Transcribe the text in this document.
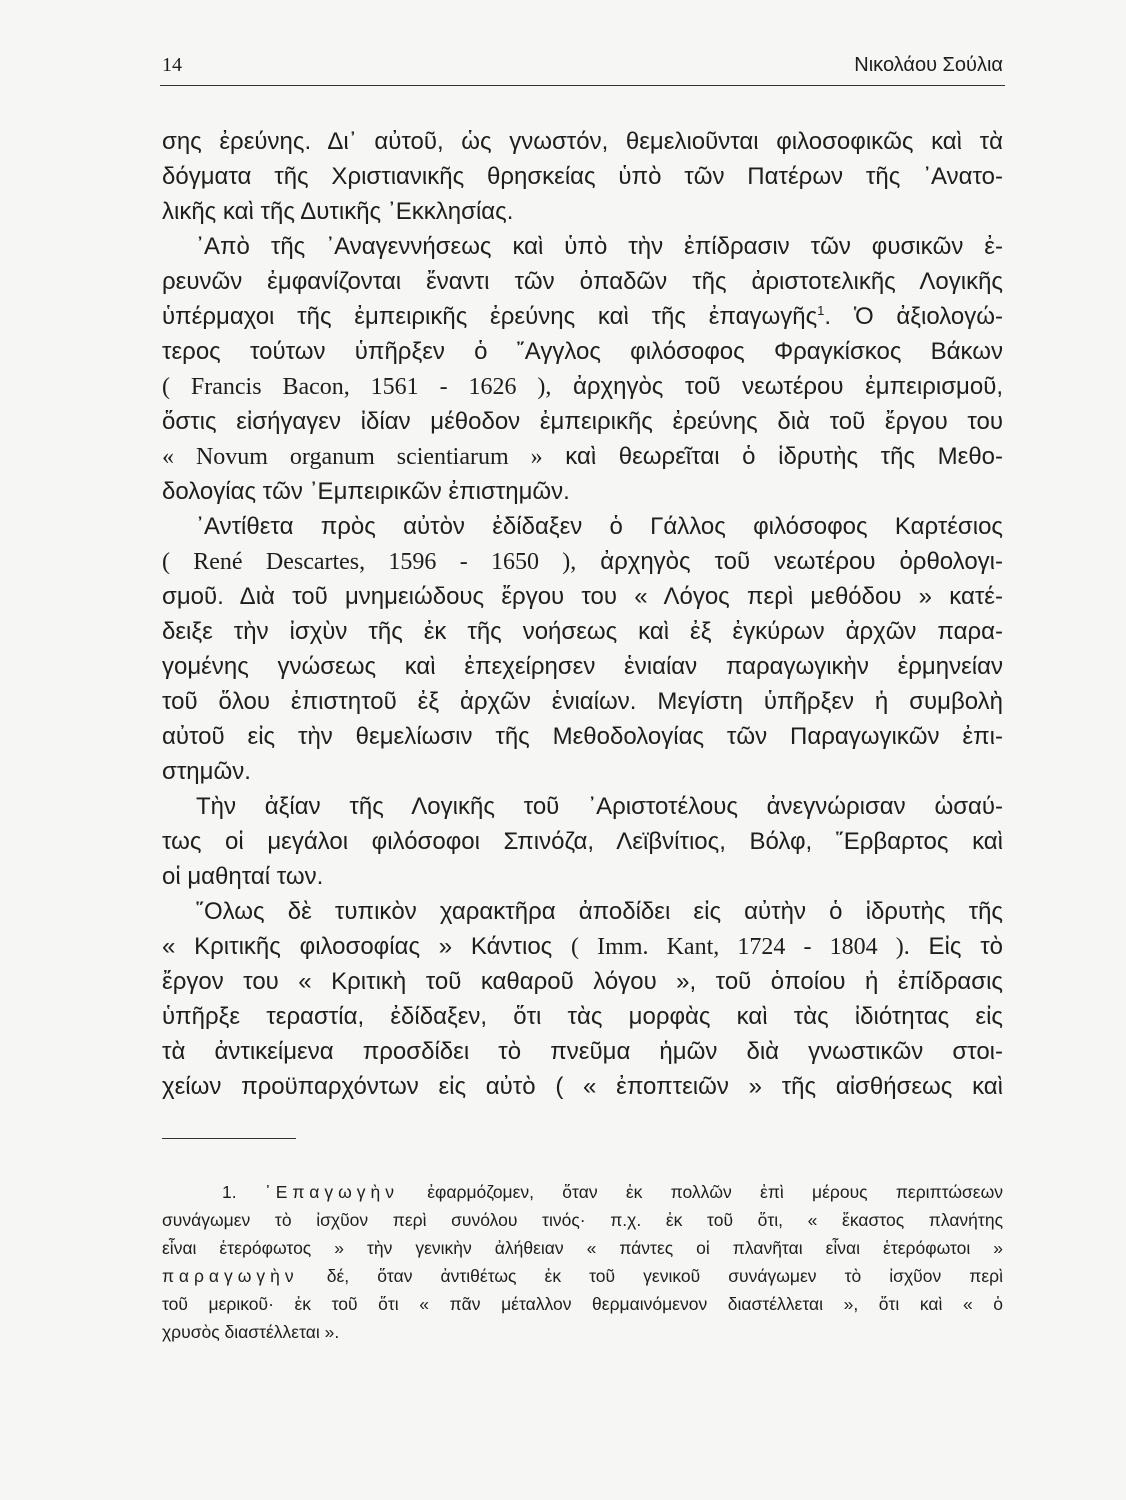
14	Νικολάου Σούλια
σης ἐρεύνης. Δι᾽ αὐτοῦ, ὡς γνωστόν, θεμελιοῦνται φιλοσοφικῶς καὶ τὰ
δόγματα τῆς Χριστιανικῆς θρησκείας ὑπὸ τῶν Πατέρων τῆς ᾽Ανατο-
λικῆς καὶ τῆς Δυτικῆς ᾽Εκκλησίας.
᾽Απὸ τῆς ᾽Αναγεννήσεως καὶ ὑπὸ τὴν ἐπίδρασιν τῶν φυσικῶν ἐ-
ρευνῶν ἐμφανίζονται ἔναντι τῶν ὀπαδῶν τῆς ἀριστοτελικῆς Λογικῆς
ὑπέρμαχοι τῆς ἐμπειρικῆς ἐρεύνης καὶ τῆς ἐπαγωγῆς$^1$. Ὁ ἀξιολογώ-
τερος τούτων ὑπῆρξεν ὁ ῎Αγγλος φιλόσοφος Φραγκίσκος Βάκων
( Francis Bacon, 1561 - 1626 ), ἀρχηγὸς τοῦ νεωτέρου ἐμπειρισμοῦ,
ὅστις εἰσήγαγεν ἰδίαν μέθοδον ἐμπειρικῆς ἐρεύνης διὰ τοῦ ἔργου του
« Novum organum scientiarum » καὶ θεωρεῖται ὁ ἱδρυτὴς τῆς Μεθο-
δολογίας τῶν ᾽Εμπειρικῶν ἐπιστημῶν.
᾽Αντίθετα πρὸς αὐτὸν ἐδίδαξεν ὁ Γάλλος φιλόσοφος Καρτέσιος
( René Descartes, 1596 - 1650 ), ἀρχηγὸς τοῦ νεωτέρου ὀρθολογι-
σμοῦ. Διὰ τοῦ μνημειώδους ἔργου του « Λόγος περὶ μεθόδου » κατέ-
δειξε τὴν ἰσχὺν τῆς ἐκ τῆς νοήσεως καὶ ἐξ ἐγκύρων ἀρχῶν παρα-
γομένης γνώσεως καὶ ἐπεχείρησεν ἑνιαίαν παραγωγικὴν ἑρμηνείαν
τοῦ ὅλου ἐπιστητοῦ ἐξ ἀρχῶν ἑνιαίων. Μεγίστη ὑπῆρξεν ἡ συμβολὴ
αὐτοῦ εἰς τὴν θεμελίωσιν τῆς Μεθοδολογίας τῶν Παραγωγικῶν ἐπι-
στημῶν.
Τὴν ἀξίαν τῆς Λογικῆς τοῦ ᾽Αριστοτέλους ἀνεγνώρισαν ὡσαύ-
τως οἱ μεγάλοι φιλόσοφοι Σπινόζα, Λεϊβνίτιος, Βόλφ, ῞Ερβαρτος καὶ
οἱ μαθηταί των.
῞Ολως δὲ τυπικὸν χαρακτῆρα ἀποδίδει εἰς αὐτὴν ὁ ἱδρυτὴς τῆς
« Κριτικῆς φιλοσοφίας » Κάντιος ( Imm. Kant, 1724 - 1804 ). Εἰς τὸ
ἔργον του « Κριτικὴ τοῦ καθαροῦ λόγου », τοῦ ὁποίου ἡ ἐπίδρασις
ὑπῆρξε τεραστία, ἐδίδαξεν, ὅτι τὰς μορφὰς καὶ τὰς ἰδιότητας εἰς
τὰ ἀντικείμενα προσδίδει τὸ πνεῦμα ἡμῶν διὰ γνωστικῶν στοι-
χείων προϋπαρχόντων εἰς αὐτὸ ( « ἐποπτειῶν » τῆς αἰσθήσεως καὶ
1. ᾽Επαγωγὴν ἐφαρμόζομεν, ὅταν ἐκ πολλῶν ἐπὶ μέρους περιπτώσεων
συνάγωμεν τὸ ἰσχῦον περὶ συνόλου τινός· π.χ. ἐκ τοῦ ὅτι, « ἕκαστος πλανήτης
εἶναι ἑτερόφωτος » τὴν γενικὴν ἀλήθειαν « πάντες οἱ πλανῆται εἶναι ἑτερόφωτοι »
παραγωγὴν δέ, ὅταν ἀντιθέτως ἐκ τοῦ γενικοῦ συνάγωμεν τὸ ἰσχῦον περὶ
τοῦ μερικοῦ· ἐκ τοῦ ὅτι « πᾶν μέταλλον θερμαινόμενον διαστέλλεται », ὅτι καὶ « ὁ
χρυσὸς διαστέλλεται ».
